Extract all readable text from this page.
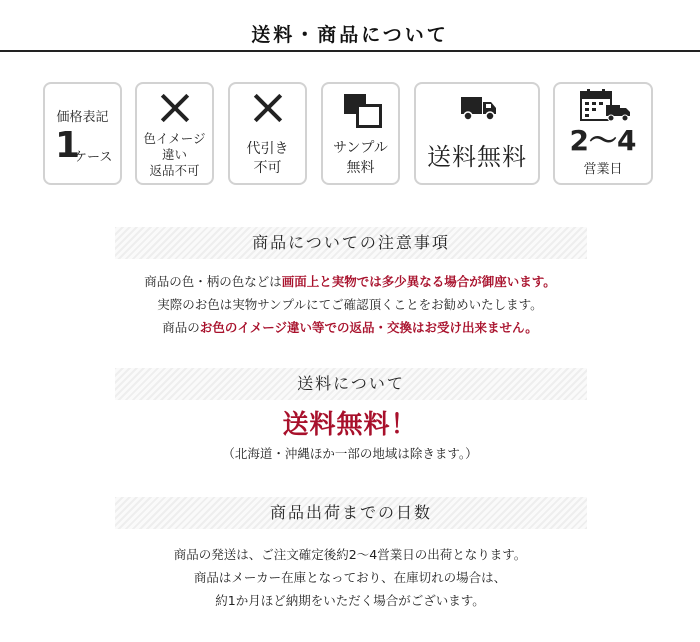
送料・商品について
価格表記
1
ケース
色イメージ
違い
返品不可
代引き
不可
サンプル
無料	送料無料	2〜4
営業日
商品についての注意事項
商品の色・柄の色などは画面上と実物では多少異なる場合が御座います。
実際のお色は実物サンプルにてご確認頂くことをお勧めいたします。
商品のお色のイメージ違い等での返品・交換はお受け出来ません。
送料について
送料無料！
（北海道・沖縄ほか一部の地域は除きます。）
商品出荷までの日数
商品の発送は、ご注文確定後約2〜4営業日の出荷となります。
商品はメーカー在庫となっており、在庫切れの場合は、
約1か月ほど納期をいただく場合がございます。
